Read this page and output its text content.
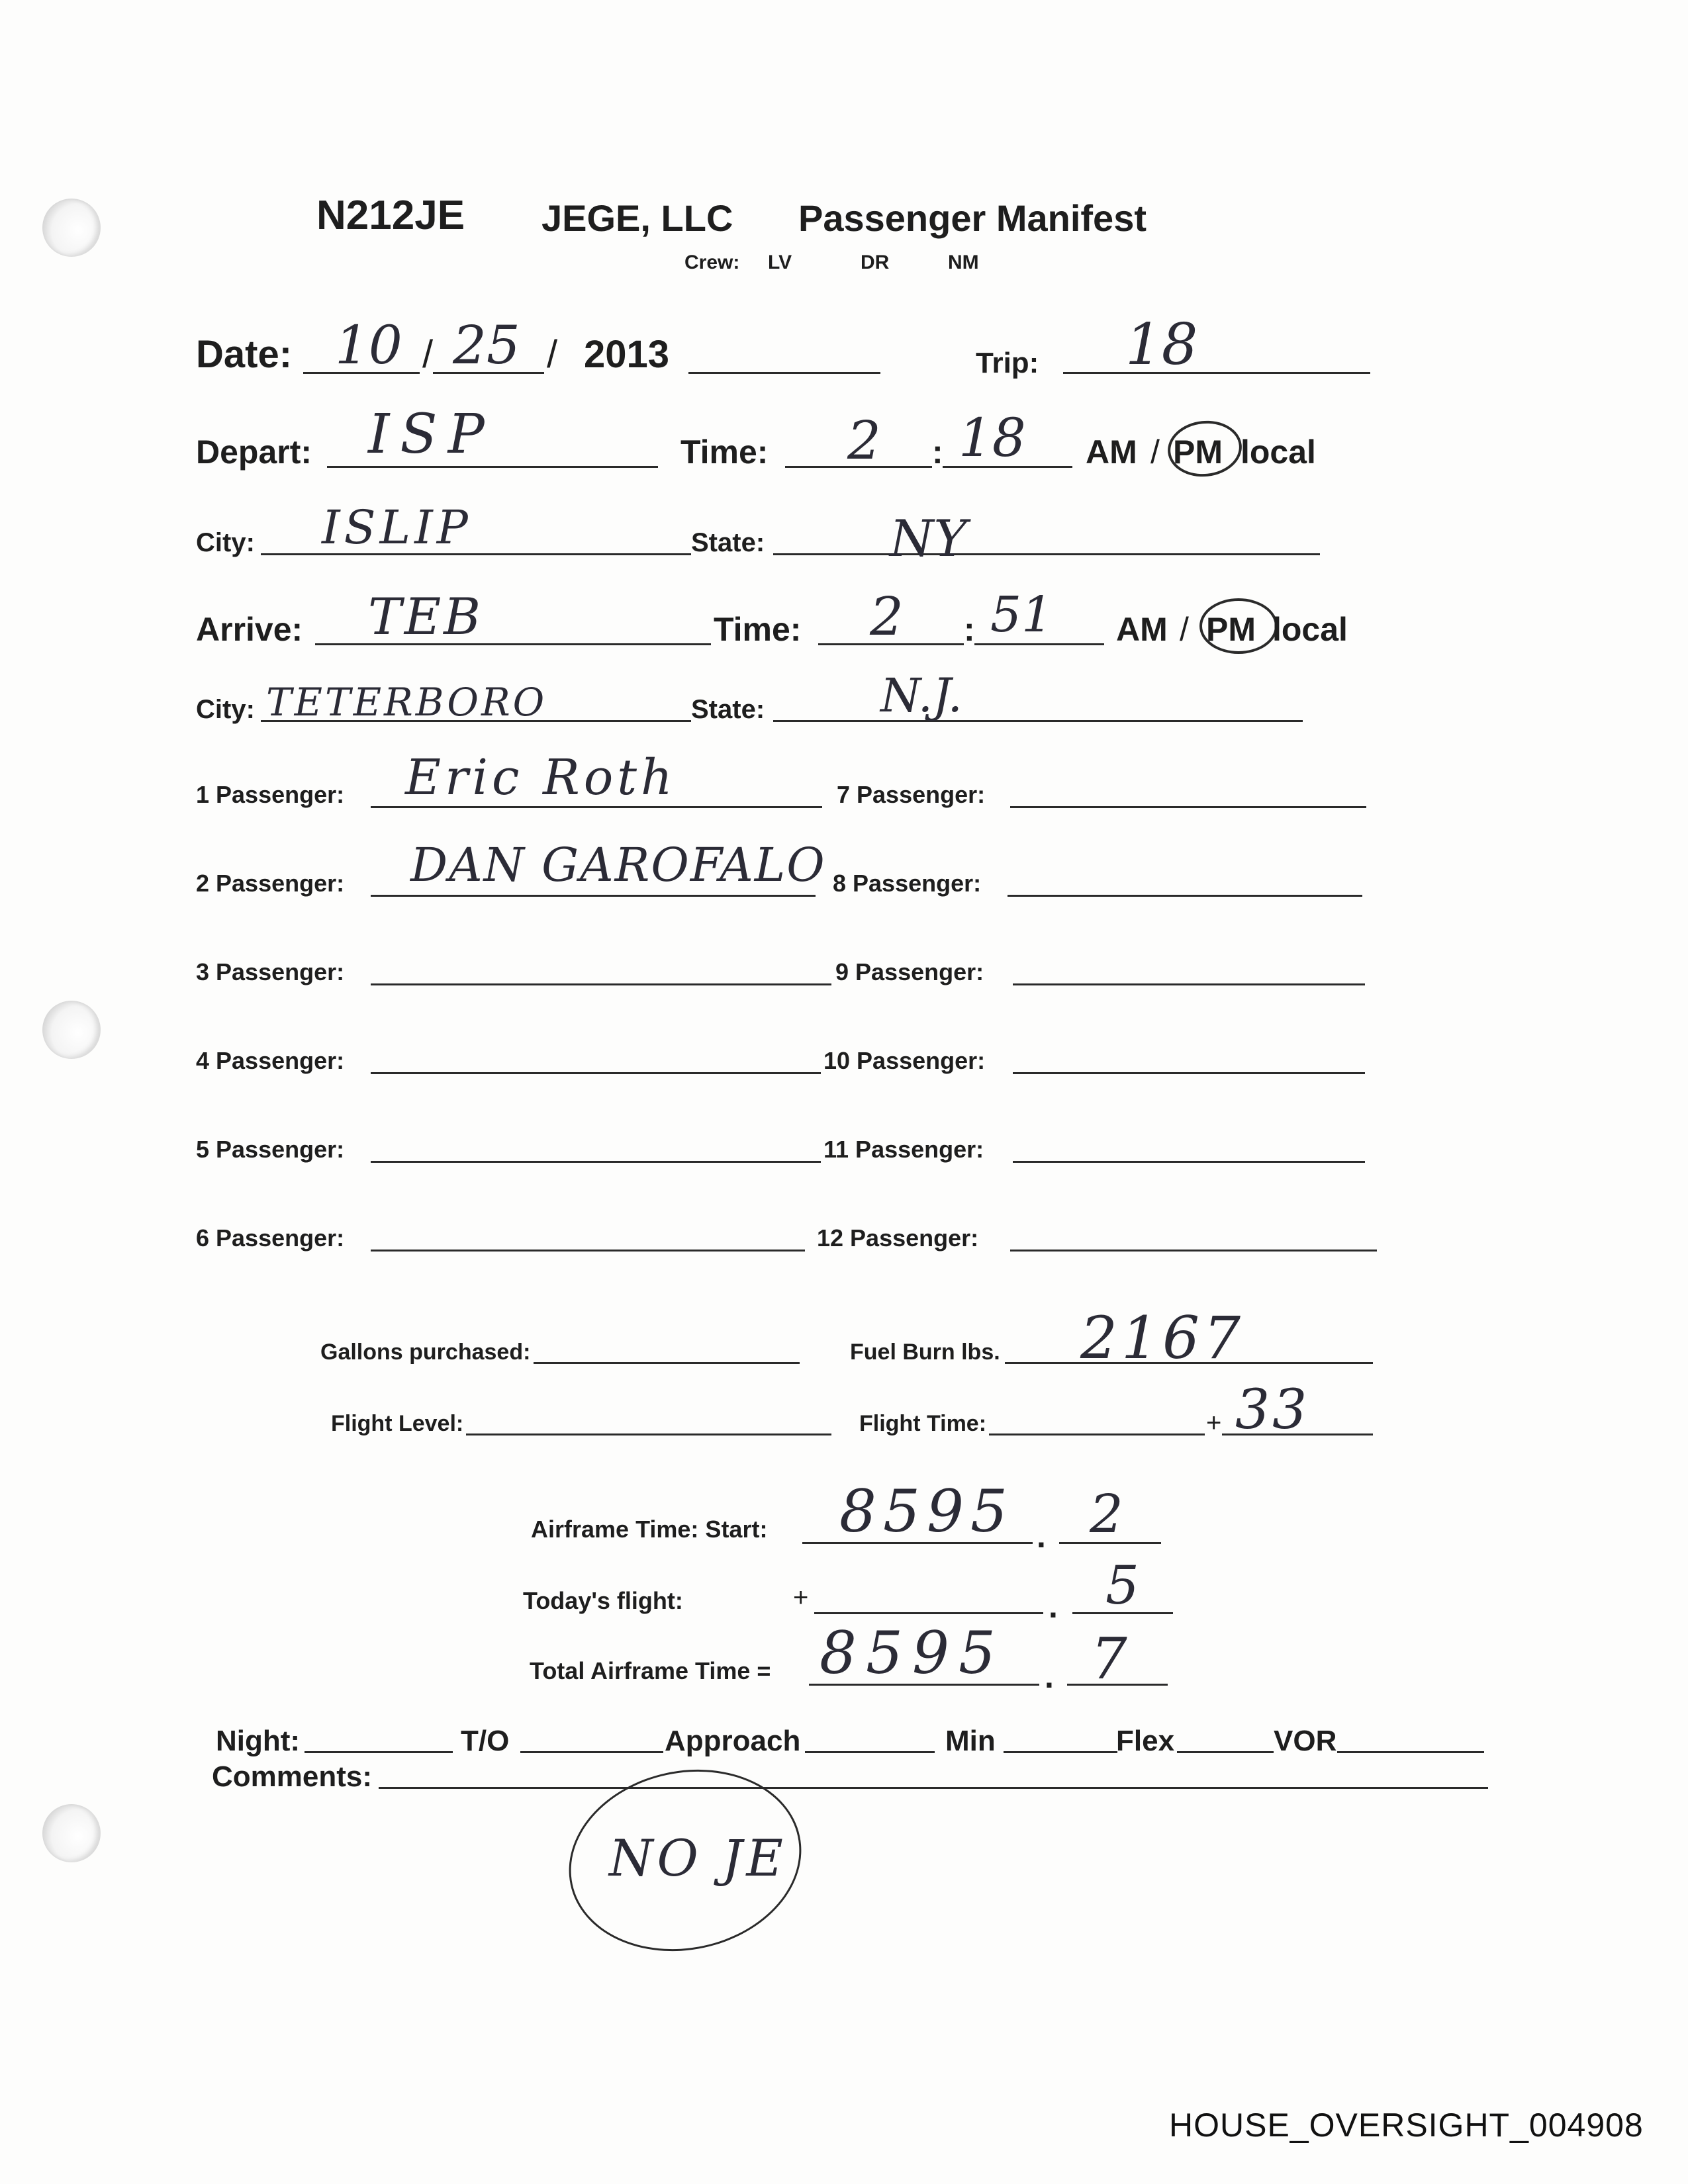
N212JE JEGE, LLC Passenger Manifest
Crew: LV	DR	NM
Date: 10 / 25 / 2013	Trip: 18
Depart: ISP	Time: 2 : 18 AM / PM local
City: ISLIP	State: NY
Arrive: TEB	Time: 2 : 51 AM / PM local
City: TETERBORO	State: N.J.
1 Passenger: Eric Roth
2 Passenger: DAN GAROFALO
3 Passenger:
4 Passenger:
5 Passenger:
6 Passenger:
7 Passenger:
8 Passenger:
9 Passenger:
10 Passenger:
11 Passenger:
12 Passenger:
Gallons purchased:	Fuel Burn lbs. 2167
Flight Level:	Flight Time:	+ 33
Airframe Time: Start: 8595 . 2
Today's flight:	+	. 5
Total Airframe Time = 8595 . 7
Night:	T/O	Approach	Min	Flex	VOR
Comments:
NO JE
HOUSE_OVERSIGHT_004908
